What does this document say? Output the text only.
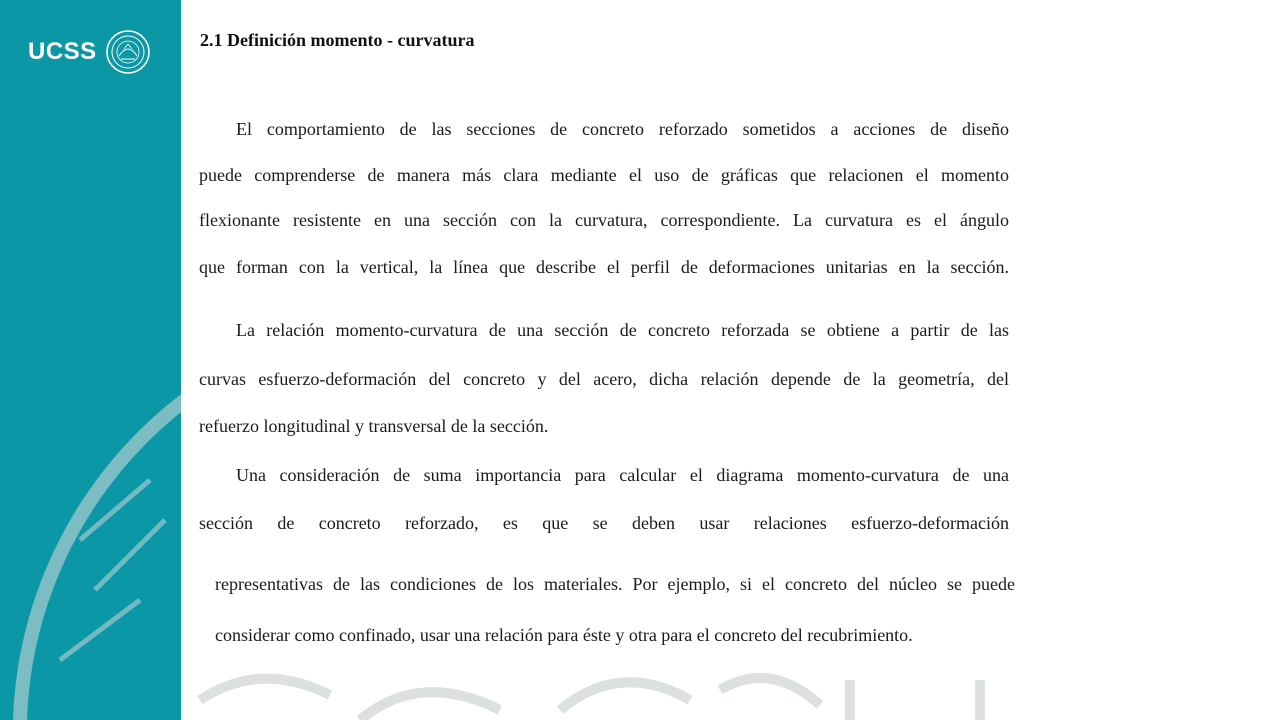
UCSS	2.1 Definición momento - curvatura
El comportamiento de las secciones de concreto reforzado sometidos a acciones de diseño
puede comprenderse de manera más clara mediante el uso de gráficas que relacionen el momento
flexionante resistente en una sección con la curvatura, correspondiente. La curvatura es el ángulo
que forman con la vertical, la línea que describe el perfil de deformaciones unitarias en la sección.
La relación momento-curvatura de una sección de concreto reforzada se obtiene a partir de las
curvas esfuerzo-deformación del concreto y del acero, dicha relación depende de la geometría, del
refuerzo longitudinal y transversal de la sección.
Una consideración de suma importancia para calcular el diagrama momento-curvatura de una
sección de concreto reforzado, es que se deben usar relaciones esfuerzo-deformación
representativas de las condiciones de los materiales. Por ejemplo, si el concreto del núcleo se puede
considerar como confinado, usar una relación para éste y otra para el concreto del recubrimiento.
